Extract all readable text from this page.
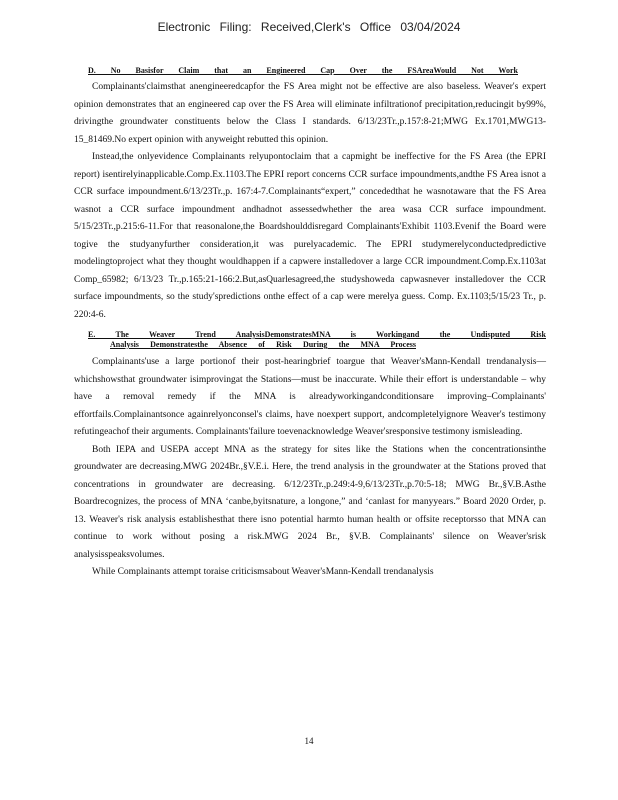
Electronic Filing: Received,Clerk's Office 03/04/2024
D. No Basisfor Claim that an Engineered Cap Over the FSAreaWould Not Work

Complainants'claimsthat anengineeredcapfor the FS Area might not be effective are also baseless. Weaver's expert opinion demonstrates that an engineered cap over the FS Area will eliminate infiltrationof precipitation,reducingit by99%, drivingthe groundwater constituents below the Class I standards. 6/13/23Tr.,p.157:8-21;MWG Ex.1701,MWG13-15_81469.No expert opinion with anyweight rebutted this opinion.

Instead,the onlyevidence Complainants relyupontoclaim that a capmight be ineffective for the FS Area (the EPRI report) isentirelyinapplicable.Comp.Ex.1103.The EPRI report concerns CCR surface impoundments,andthe FS Area isnot a CCR surface impoundment.6/13/23Tr.,p. 167:4-7.Complainants“expert,” concededthat he wasnotaware that the FS Area wasnot a CCR surface impoundment andhadnot assessedwhether the area wasa CCR surface impoundment. 5/15/23Tr.,p.215:6-11.For that reasonalone,the Boardshoulddisregard Complainants'Exhibit 1103.Evenif the Board were togive the studyanyfurther consideration,it was purelyacademic. The EPRI studymerelyconductedpredictive modelingtoproject what they thought wouldhappen if a capwere installedover a large CCR impoundment.Comp.Ex.1103at Comp_65982; 6/13/23 Tr.,p.165:21-166:2.But,asQuarlesagreed,the studyshoweda capwasnever installedover the CCR surface impoundments, so the study'spredictions onthe effect of a cap were merelya guess. Comp. Ex.1103;5/15/23 Tr., p. 220:4-6.

E. The Weaver Trend AnalysisDemonstratesMNA is Workingand the Undisputed Risk
Analysis Demonstratesthe Absence of Risk During the MNA Process

Complainants'use a large portionof their post-hearingbrief toargue that Weaver'sMann-Kendall trendanalysis— whichshowsthat groundwater isimprovingat the Stations—must be inaccurate. While their effort is understandable – why have a removal remedy if the MNA is alreadyworkingandconditionsare improving–Complainants' effortfails.Complainantsonce againrelyonconsel's claims, have noexpert support, andcompletelyignore Weaver's testimony refutingeachof their arguments. Complainants'failure toevenacknowledge Weaver'sresponsive testimony ismisleading.

Both IEPA and USEPA accept MNA as the strategy for sites like the Stations when the concentrationsinthe groundwater are decreasing.MWG 2024Br.,§V.E.i. Here, the trend analysis in the groundwater at the Stations proved that concentrations in groundwater are decreasing. 6/12/23Tr.,p.249:4-9,6/13/23Tr.,p.70:5-18; MWG Br.,§V.B.Asthe Boardrecognizes, the process of MNA ‘canbe,byitsnature, a longone,” and ‘canlast for manyyears.” Board 2020 Order, p. 13. Weaver's risk analysis establishesthat there isno potential harmto human health or offsite receptorsso that MNA can continue to work without posing a risk.MWG 2024 Br., §V.B. Complainants' silence on Weaver'srisk analysisspeaksvolumes.

While Complainants attempt toraise criticismsabout Weaver'sMann-Kendall trendanalysis

14
